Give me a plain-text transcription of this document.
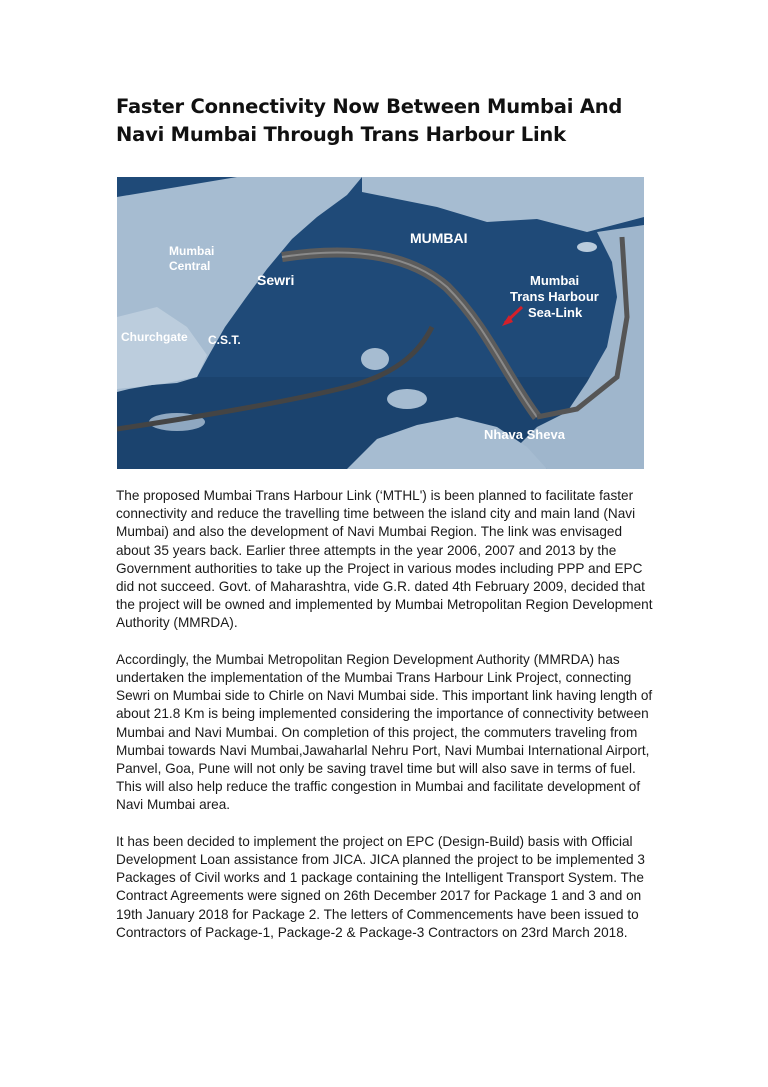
Faster Connectivity Now Between Mumbai And Navi Mumbai Through Trans Harbour Link
Mumbai
Central
Sewri
MUMBAI
Churchgate C.S.T.
Mumbai
Trans Harbour
Sea-Link
Nhava Sheva

The proposed Mumbai Trans Harbour Link (‘MTHL') is been planned to facilitate faster connectivity and reduce the travelling time between the island city and main land (Navi Mumbai) and also the development of Navi Mumbai Region. The link was envisaged about 35 years back. Earlier three attempts in the year 2006, 2007 and 2013 by the Government authorities to take up the Project in various modes including PPP and EPC did not succeed. Govt. of Maharashtra, vide G.R. dated 4th February 2009, decided that the project will be owned and implemented by Mumbai Metropolitan Region Development Authority (MMRDA).

Accordingly, the Mumbai Metropolitan Region Development Authority (MMRDA) has undertaken the implementation of the Mumbai Trans Harbour Link Project, connecting Sewri on Mumbai side to Chirle on Navi Mumbai side. This important link having length of about 21.8 Km is being implemented considering the importance of connectivity between Mumbai and Navi Mumbai. On completion of this project, the commuters traveling from Mumbai towards Navi Mumbai,Jawaharlal Nehru Port, Navi Mumbai International Airport, Panvel, Goa, Pune will not only be saving travel time but will also save in terms of fuel. This will also help reduce the traffic congestion in Mumbai and facilitate development of Navi Mumbai area.

It has been decided to implement the project on EPC (Design-Build) basis with Official Development Loan assistance from JICA. JICA planned the project to be implemented 3 Packages of Civil works and 1 package containing the Intelligent Transport System. The Contract Agreements were signed on 26th December 2017 for Package 1 and 3 and on 19th January 2018 for Package 2. The letters of Commencements have been issued to Contractors of Package-1, Package-2 & Package-3 Contractors on 23rd March 2018.
